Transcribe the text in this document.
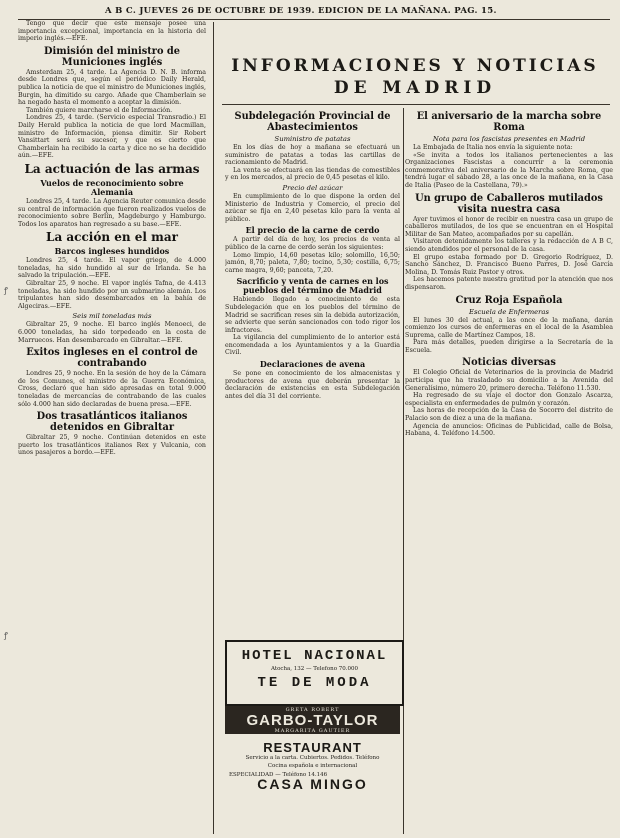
A B C. JUEVES 26 DE OCTUBRE DE 1939. EDICION DE LA MAÑANA. PAG. 15.
INFORMACIONES Y NOTICIAS
DE MADRID
ꝭ
ꝭ

Tengo que decir que este mensaje posee una importancia excepcional, importancia en la historia del imperio inglés.—EFE.

Dimisión del ministro de Municiones inglés

Amsterdam 25, 4 tarde. La Agencia D. N. B. informa desde Londres que, según el periódico Daily Herald, publica la noticia de que el ministro de Municiones inglés, Burgin, ha dimitido su cargo. Añade que Chamberlain se ha negado hasta el momento a aceptar la dimisión.

También quiere marcharse el de Información.

Londres 25, 4 tarde. (Servicio especial Transradio.) El Daily Herald publica la noticia de que lord Macmillan, ministro de Información, piensa dimitir. Sir Robert Vansittart será su sucesor, y que es cierto que Chamberlain ha recibido la carta y dice no se ha decidido aún.—EFE.

La actuación de las armas
Vuelos de reconocimiento sobre Alemania

Londres 25, 4 tarde. La Agencia Reuter comunica desde su central de información que fueron realizados vuelos de reconocimiento sobre Berlín, Magdeburgo y Hamburgo. Todos los aparatos han regresado a su base.—EFE.

La acción en el mar
Barcos ingleses hundidos

Londres 25, 4 tarde. El vapor griego, de 4.000 toneladas, ha sido hundido al sur de Irlanda. Se ha salvado la tripulación.—EFE.

Gibraltar 25, 9 noche. El vapor inglés Tafna, de 4.413 toneladas, ha sido hundido por un submarino alemán. Los tripulantes han sido desembarcados en la bahía de Algeciras.—EFE.

Seis mil toneladas más

Gibraltar 25, 9 noche. El barco inglés Menoeci, de 6.000 toneladas, ha sido torpedeado en la costa de Marruecos. Han desembarcado en Gibraltar.—EFE.

Exitos ingleses en el control de contrabando

Londres 25, 9 noche. En la sesión de hoy de la Cámara de los Comunes, el ministro de la Guerra Económica, Cross, declaró que han sido apresadas en total 9.000 toneladas de mercancías de contrabando de las cuales sólo 4.000 han sido declaradas de buena presa.—EFE.

Dos trasatlánticos italianos detenidos en Gibraltar

Gibraltar 25, 9 noche. Continúan detenidos en este puerto los trasatlánticos italianos Rex y Vulcania, con unos pasajeros a bordo.—EFE.

Subdelegación Provincial de Abastecimientos
Suministro de patatas

En los días de hoy a mañana se efectuará un suministro de patatas a todas las cartillas de racionamiento de Madrid.

La venta se efectuará en las tiendas de comestibles y en los mercados, al precio de 0,45 pesetas el kilo.

Precio del azúcar

En cumplimiento de lo que dispone la orden del Ministerio de Industria y Comercio, el precio del azúcar se fija en 2,40 pesetas kilo para la venta al público.

El precio de la carne de cerdo

A partir del día de hoy, los precios de venta al público de la carne de cerdo serán los siguientes:

Lomo limpio, 14,60 pesetas kilo; solomillo, 16,50; jamón, 8,70; paleta, 7,80; tocino, 5,30; costilla, 6,75; carne magra, 9,60; panceta, 7,20.

Sacrificio y venta de carnes en los pueblos del término de Madrid

Habiendo llegado a conocimiento de esta Subdelegación que en los pueblos del término de Madrid se sacrifican reses sin la debida autorización, se advierte que serán sancionados con todo rigor los infractores.

La vigilancia del cumplimiento de lo anterior está encomendada a los Ayuntamientos y a la Guardia Civil.

Declaraciones de avena

Se pone en conocimiento de los almacenistas y productores de avena que deberán presentar la declaración de existencias en esta Subdelegación antes del día 31 del corriente.

HOTEL NACIONAL
Atocha, 132 — Telefono 70.000
TE DE MODA
GRETA ROBERT
GARBO-TAYLOR
MARGARITA GAUTIER
RESTAURANT
Servicio a la carta. Cubiertos. Pedidos. Teléfono
Cocina española e internacional
ESPECIALIDAD — Teléfono 14.146
CASA MINGO
El aniversario de la marcha sobre Roma
Nota para los fascistas presentes en Madrid

La Embajada de Italia nos envía la siguiente nota:

«Se invita a todos los italianos pertenecientes a las Organizaciones Fascistas a concurrir a la ceremonia conmemorativa del aniversario de la Marcha sobre Roma, que tendrá lugar el sábado 28, a las once de la mañana, en la Casa de Italia (Paseo de la Castellana, 79).»

Un grupo de Caballeros mutilados visita nuestra casa

Ayer tuvimos el honor de recibir en nuestra casa un grupo de caballeros mutilados, de los que se encuentran en el Hospital Militar de San Mateo, acompañados por su capellán.

Visitaron detenidamente los talleres y la redacción de A B C, siendo atendidos por el personal de la casa.

El grupo estaba formado por D. Gregorio Rodríguez, D. Sancho Sánchez, D. Francisco Bueno Parres, D. José García Molina, D. Tomás Ruiz Pastor y otros.

Les hacemos patente nuestra gratitud por la atención que nos dispensaron.

Cruz Roja Española
Escuela de Enfermeras

El lunes 30 del actual, a las once de la mañana, darán comienzo los cursos de enfermeras en el local de la Asamblea Suprema, calle de Martínez Campos, 18.

Para más detalles, pueden dirigirse a la Secretaría de la Escuela.

Noticias diversas

El Colegio Oficial de Veterinarios de la provincia de Madrid participa que ha trasladado su domicilio a la Avenida del Generalísimo, número 20, primero derecha. Teléfono 11.530.

Ha regresado de su viaje el doctor don Gonzalo Ascarza, especialista en enfermedades de pulmón y corazón.

Las horas de recepción de la Casa de Socorro del distrito de Palacio son de diez a una de la mañana.

Agencia de anuncios: Oficinas de Publicidad, calle de Bolsa, Habana, 4. Teléfono 14.500.
